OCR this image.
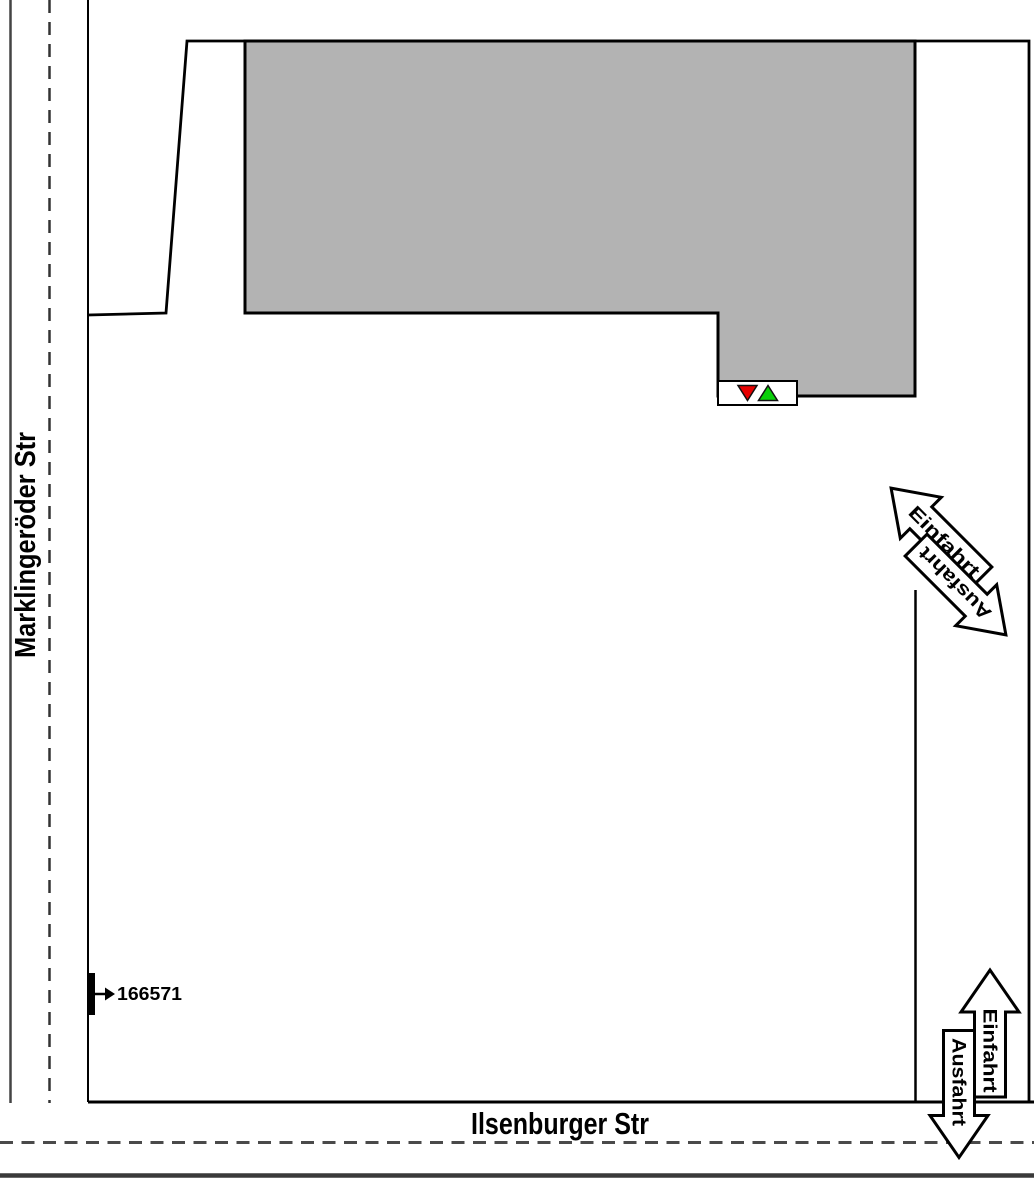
166571
Marklingeröder Str
Ilsenburger Str
Einfahrt
Ausfahrt
Einfahrt
Ausfahrt
